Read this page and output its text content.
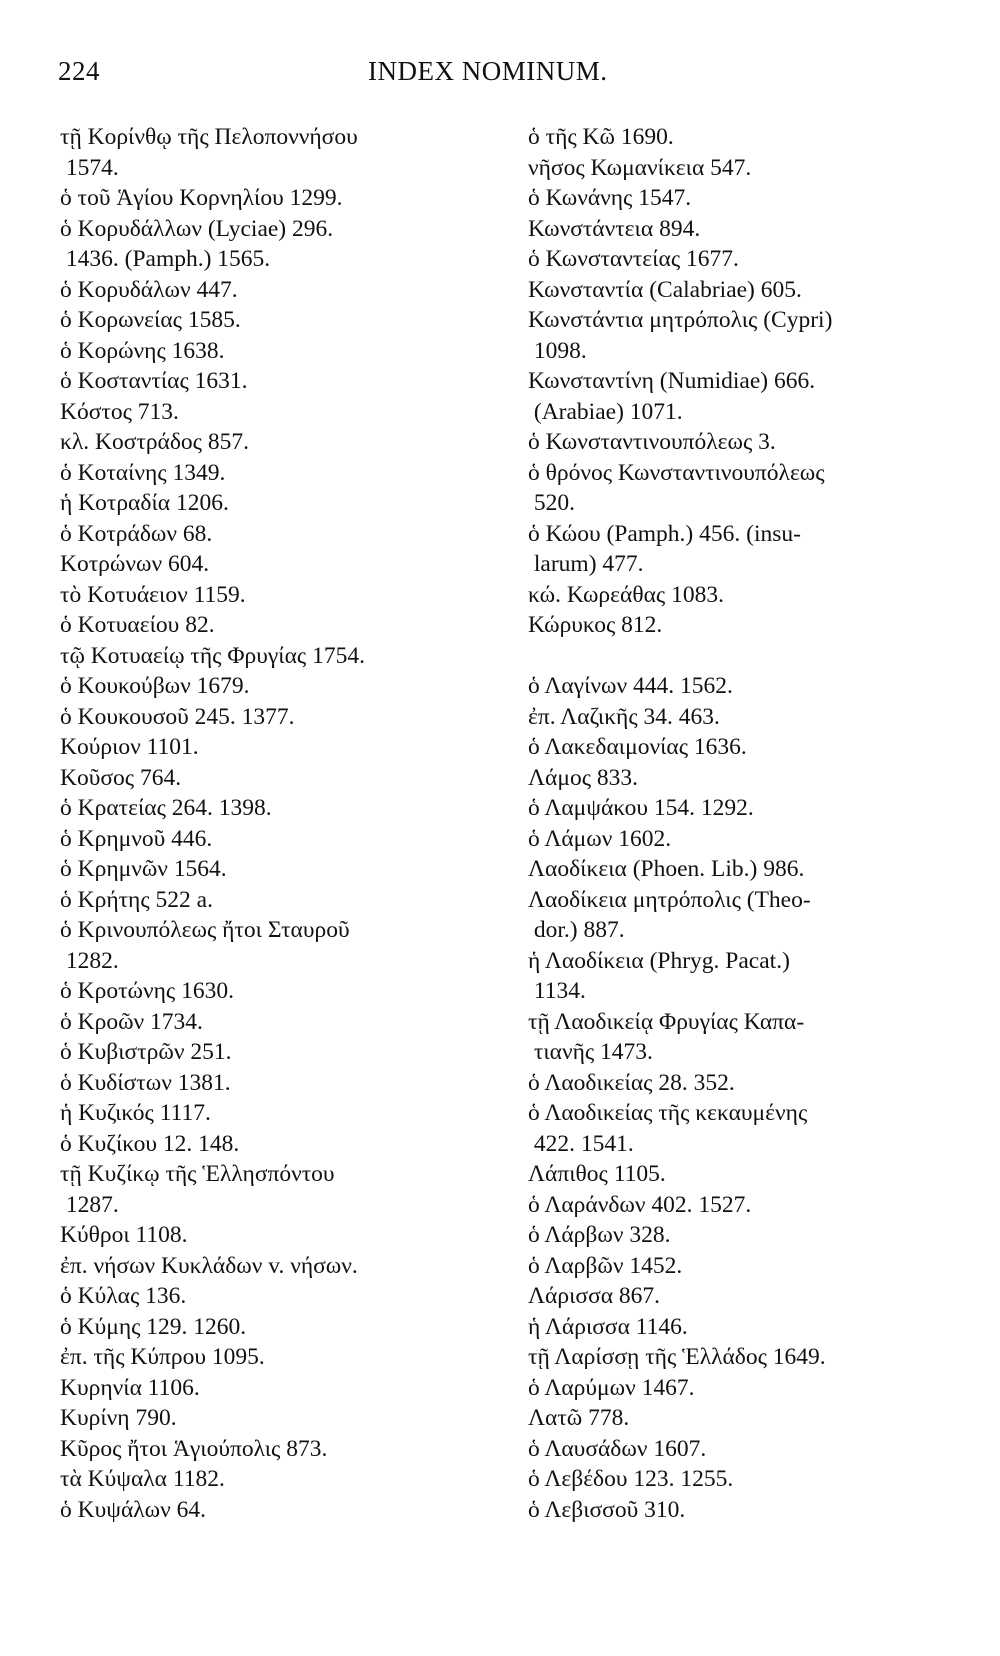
224	INDEX NOMINUM.
τῇ Κορίνθῳ τῆς Πελοποννήσου
1574.
ὁ τοῦ Ἁγίου Κορνηλίου 1299.
ὁ Κορυδάλλων (Lyciae) 296.
1436. (Pamph.) 1565.
ὁ Κορυδάλων 447.
ὁ Κορωνείας 1585.
ὁ Κορώνης 1638.
ὁ Κοσταντίας 1631.
Κόστος 713.
κλ. Κοστράδος 857.
ὁ Κοταίνης 1349.
ἡ Κοτραδία 1206.
ὁ Κοτράδων 68.
Κοτρώνων 604.
τὸ Κοτυάειον 1159.
ὁ Κοτυαείου 82.
τῷ Κοτυαείῳ τῆς Φρυγίας 1754.
ὁ Κουκούβων 1679.
ὁ Κουκουσοῦ 245. 1377.
Κούριον 1101.
Κοῦσος 764.
ὁ Κρατείας 264. 1398.
ὁ Κρημνοῦ 446.
ὁ Κρημνῶν 1564.
ὁ Κρήτης 522 a.
ὁ Κρινουπόλεως ἤτοι Σταυροῦ
1282.
ὁ Κροτώνης 1630.
ὁ Κροῶν 1734.
ὁ Κυβιστρῶν 251.
ὁ Κυδίστων 1381.
ἡ Κυζικός 1117.
ὁ Κυζίκου 12. 148.
τῇ Κυζίκῳ τῆς Ἑλλησπόντου
1287.
Κύθροι 1108.
ἐπ. νήσων Κυκλάδων v. νήσων.
ὁ Κύλας 136.
ὁ Κύμης 129. 1260.
ἐπ. τῆς Κύπρου 1095.
Κυρηνία 1106.
Κυρίνη 790.
Κῦρος ἤτοι Ἁγιούπολις 873.
τὰ Κύψαλα 1182.
ὁ Κυψάλων 64.
ὁ τῆς Κῶ 1690.
νῆσος Κωμανίκεια 547.
ὁ Κωνάνης 1547.
Κωνστάντεια 894.
ὁ Κωνσταντείας 1677.
Κωνσταντία (Calabriae) 605.
Κωνστάντια μητρόπολις (Cypri)
1098.
Κωνσταντίνη (Numidiae) 666.
(Arabiae) 1071.
ὁ Κωνσταντινουπόλεως 3.
ὁ θρόνος Κωνσταντινουπόλεως
520.
ὁ Κώου (Pamph.) 456. (insu-
larum) 477.
κώ. Κωρεάθας 1083.
Κώρυκος 812.
ὁ Λαγίνων 444. 1562.
ἐπ. Λαζικῆς 34. 463.
ὁ Λακεδαιμονίας 1636.
Λάμος 833.
ὁ Λαμψάκου 154. 1292.
ὁ Λάμων 1602.
Λαοδίκεια (Phoen. Lib.) 986.
Λαοδίκεια μητρόπολις (Theo-
dor.) 887.
ἡ Λαοδίκεια (Phryg. Pacat.)
1134.
τῇ Λαοδικείᾳ Φρυγίας Καπα-
τιανῆς 1473.
ὁ Λαοδικείας 28. 352.
ὁ Λαοδικείας τῆς κεκαυμένης
422. 1541.
Λάπιθος 1105.
ὁ Λαράνδων 402. 1527.
ὁ Λάρβων 328.
ὁ Λαρβῶν 1452.
Λάρισσα 867.
ἡ Λάρισσα 1146.
τῇ Λαρίσσῃ τῆς Ἑλλάδος 1649.
ὁ Λαρύμων 1467.
Λατῶ 778.
ὁ Λαυσάδων 1607.
ὁ Λεβέδου 123. 1255.
ὁ Λεβισσοῦ 310.
